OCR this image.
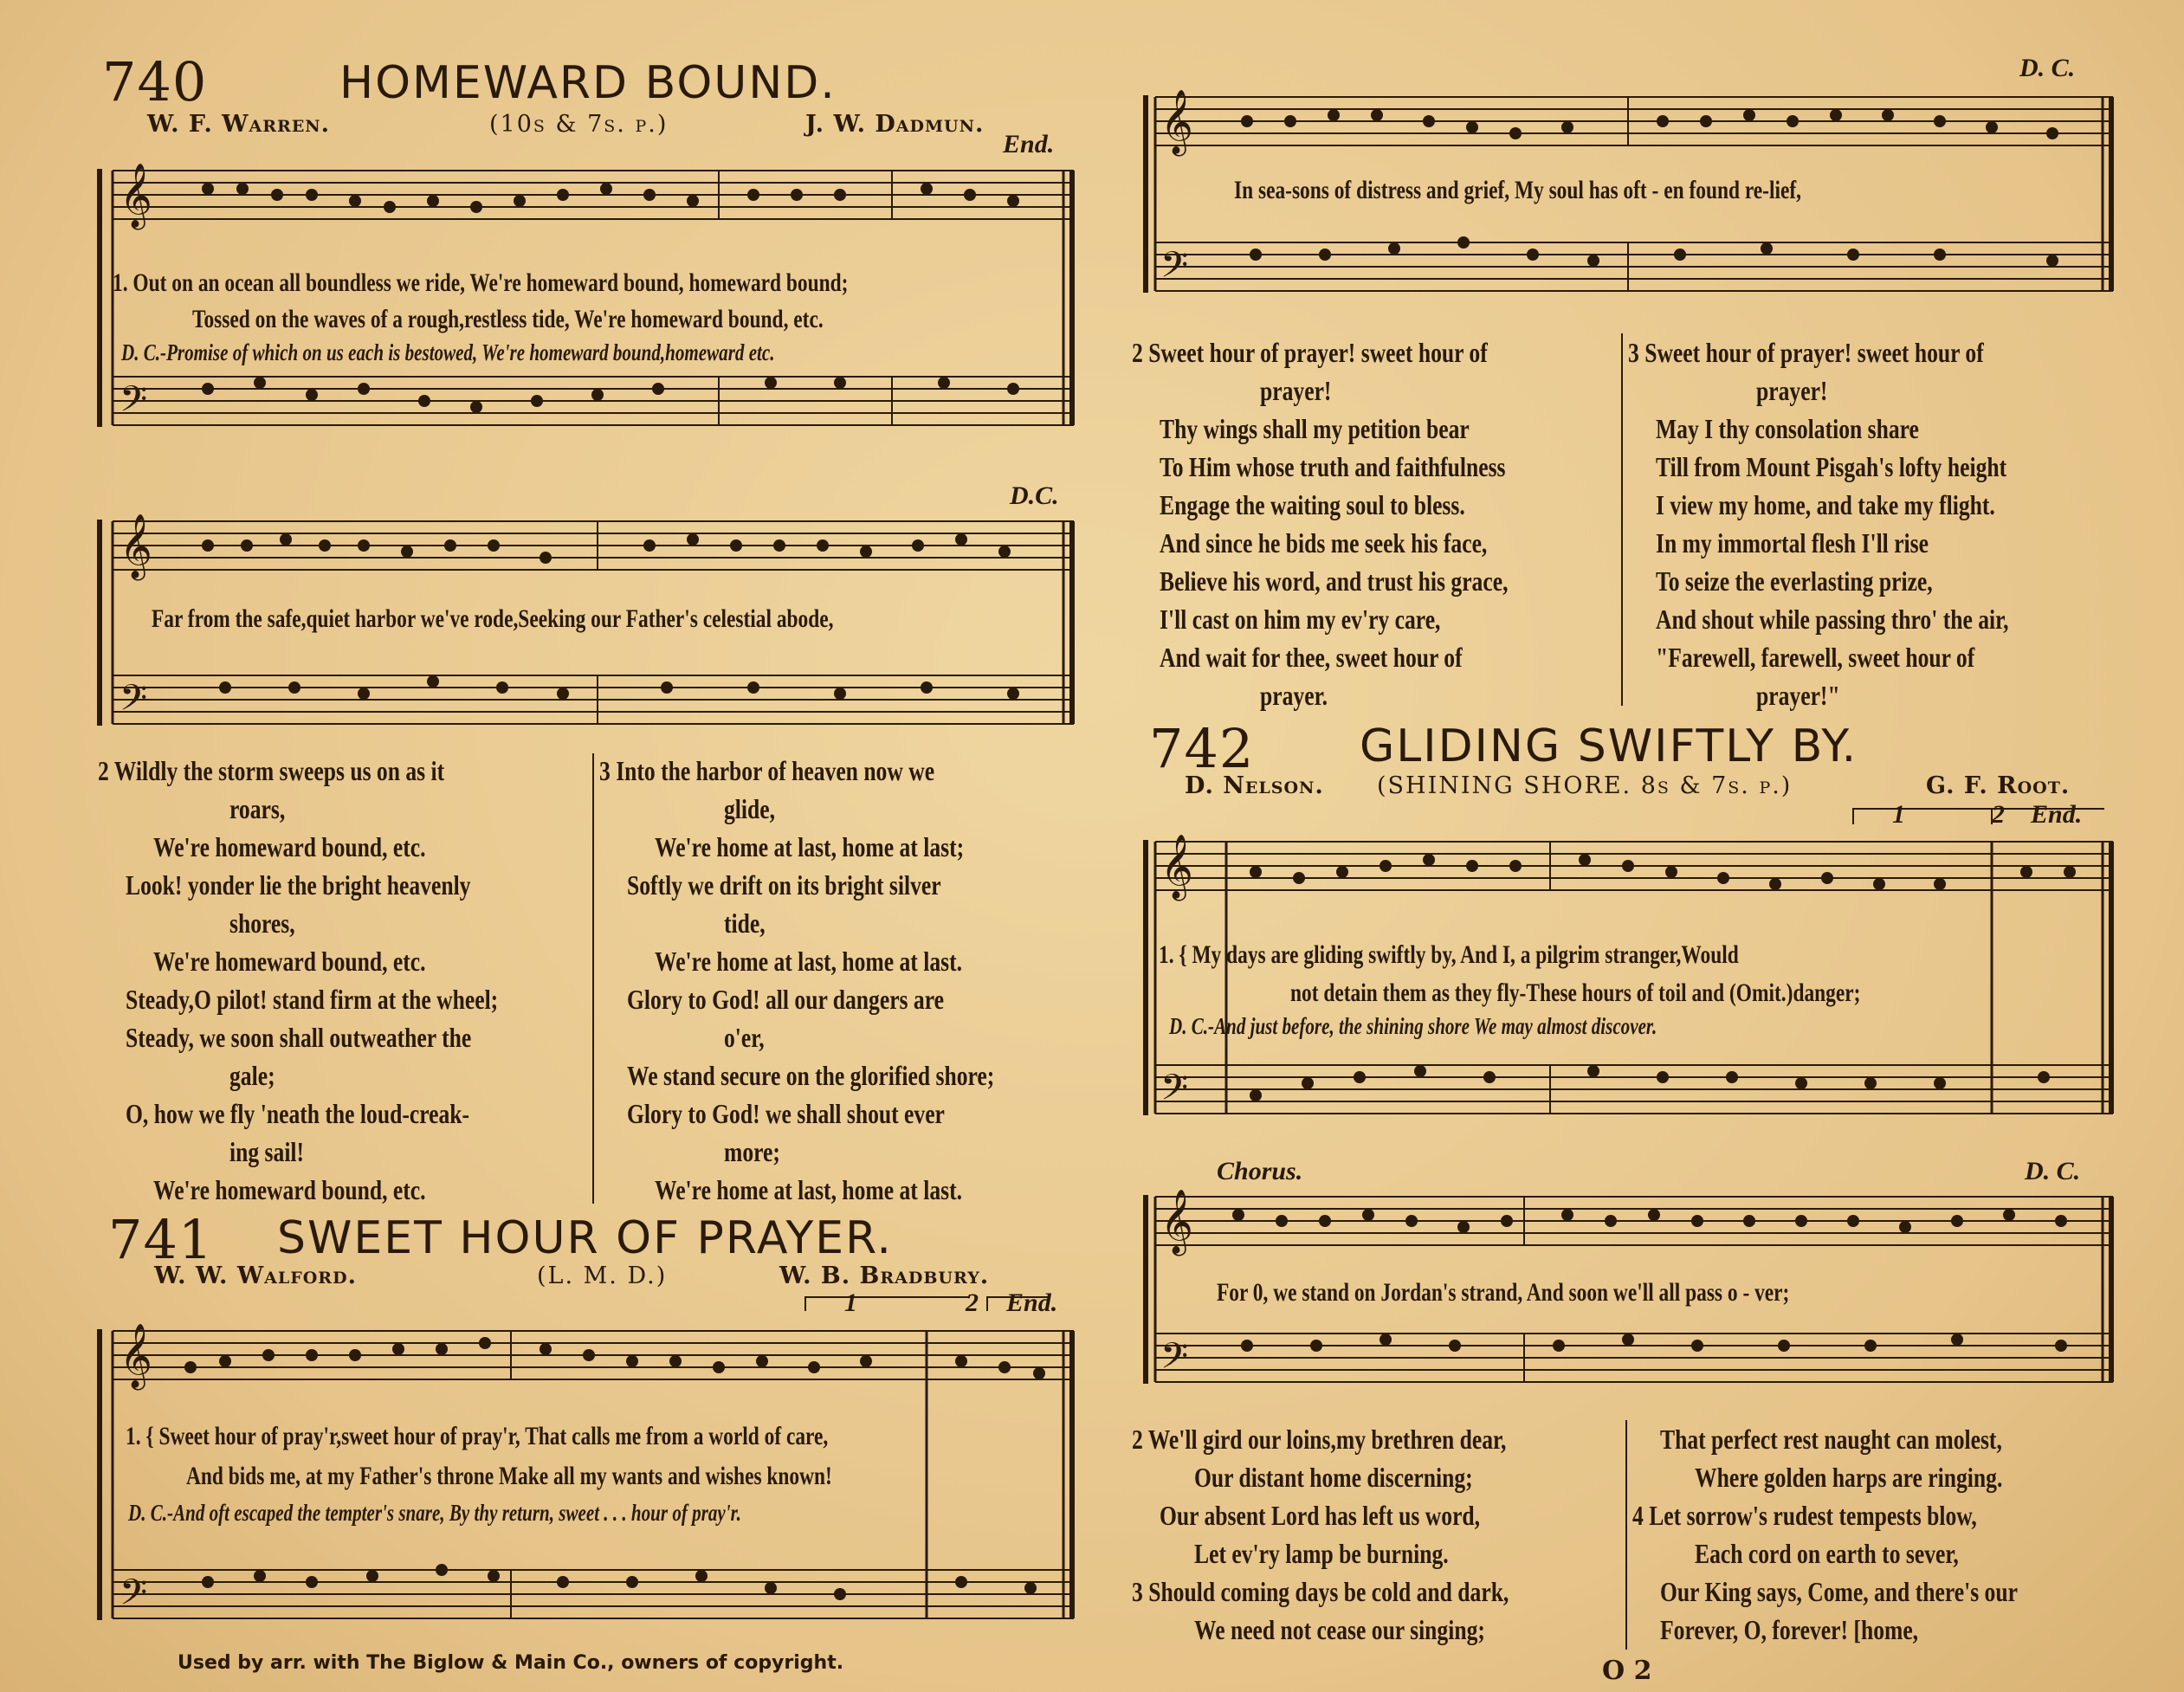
740	HOMEWARD BOUND.
W. F. Warren.	(10s & 7s. p.)	J. W. Dadmun.
End.
𝄞
𝄢
1. Out on an ocean all boundless we ride, We're homeward bound, homeward bound;
Tossed on the waves of a rough,restless tide, We're homeward bound, etc.
D. C.-Promise of which on us each is bestowed, We're homeward bound,homeward etc.
D.C.
𝄞
𝄢
Far from the safe,quiet harbor we've rode,Seeking our Father's celestial abode,
2 Wildly the storm sweeps us on as it
roars,
We're homeward bound, etc.
Look! yonder lie the bright heavenly
shores,
We're homeward bound, etc.
Steady,O pilot! stand firm at the wheel;
Steady, we soon shall outweather the
gale;
O, how we fly 'neath the loud-creak-
ing sail!
We're homeward bound, etc.
3 Into the harbor of heaven now we
glide,
We're home at last, home at last;
Softly we drift on its bright silver
tide,
We're home at last, home at last.
Glory to God! all our dangers are
o'er,
We stand secure on the glorified shore;
Glory to God! we shall shout ever
more;
We're home at last, home at last.
741 SWEET HOUR OF PRAYER.
W. W. Walford.	(L. M. D.)	W. B. Bradbury.
1	2 End.
𝄞
𝄢
1. { Sweet hour of pray'r,sweet hour of pray'r, That calls me from a world of care,
And bids me, at my Father's throne Make all my wants and wishes known!
D. C.-And oft escaped the tempter's snare, By thy return, sweet . . . hour of pray'r.
Used by arr. with The Biglow & Main Co., owners of copyright.
D. C.
𝄞
𝄢
In sea-sons of distress and grief, My soul has oft - en found re-lief,
2 Sweet hour of prayer! sweet hour of
prayer!
Thy wings shall my petition bear
To Him whose truth and faithfulness
Engage the waiting soul to bless.
And since he bids me seek his face,
Believe his word, and trust his grace,
I'll cast on him my ev'ry care,
And wait for thee, sweet hour of
prayer.
3 Sweet hour of prayer! sweet hour of
prayer!
May I thy consolation share
Till from Mount Pisgah's lofty height
I view my home, and take my flight.
In my immortal flesh I'll rise
To seize the everlasting prize,
And shout while passing thro' the air,
"Farewell, farewell, sweet hour of
prayer!"
742 GLIDING SWIFTLY BY.
D. Nelson. (SHINING SHORE. 8s & 7s. p.)	G. F. Root.
1	2 End.
𝄞
𝄢
1. { My days are gliding swiftly by, And I, a pilgrim stranger,Would
not detain them as they fly-These hours of toil and (Omit.)danger;
D. C.-And just before, the shining shore We may almost discover.
Chorus.	D. C.
𝄞
𝄢
For 0, we stand on Jordan's strand, And soon we'll all pass o - ver;
2 We'll gird our loins,my brethren dear,
Our distant home discerning;
Our absent Lord has left us word,
Let ev'ry lamp be burning.
3 Should coming days be cold and dark,
We need not cease our singing;
That perfect rest naught can molest,
Where golden harps are ringing.
4 Let sorrow's rudest tempests blow,
Each cord on earth to sever,
Our King says, Come, and there's our
Forever, O, forever! [home,
O 2
